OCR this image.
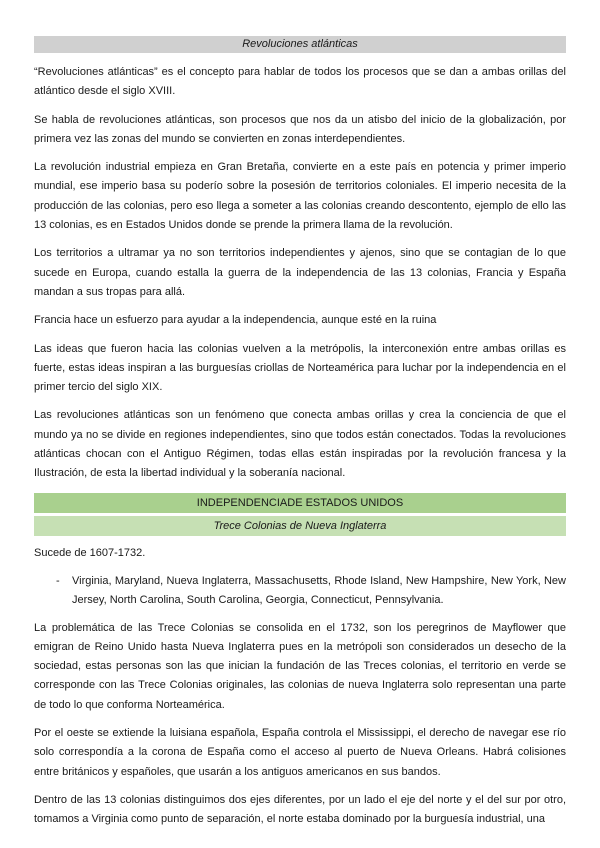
Revoluciones atlánticas

“Revoluciones atlánticas” es el concepto para hablar de todos los procesos que se dan a ambas orillas del atlántico desde el siglo XVIII.

Se habla de revoluciones atlánticas, son procesos que nos da un atisbo del inicio de la globalización, por primera vez las zonas del mundo se convierten en zonas interdependientes.

La revolución industrial empieza en Gran Bretaña, convierte en a este país en potencia y primer imperio mundial, ese imperio basa su poderío sobre la posesión de territorios coloniales. El imperio necesita de la producción de las colonias, pero eso llega a someter a las colonias creando descontento, ejemplo de ello las 13 colonias, es en Estados Unidos donde se prende la primera llama de la revolución.

Los territorios a ultramar ya no son territorios independientes y ajenos, sino que se contagian de lo que sucede en Europa, cuando estalla la guerra de la independencia de las 13 colonias, Francia y España mandan a sus tropas para allá.

Francia hace un esfuerzo para ayudar a la independencia, aunque esté en la ruina

Las ideas que fueron hacia las colonias vuelven a la metrópolis, la interconexión entre ambas orillas es fuerte, estas ideas inspiran a las burguesías criollas de Norteamérica para luchar por la independencia en el primer tercio del siglo XIX.

Las revoluciones atlánticas son un fenómeno que conecta ambas orillas y crea la conciencia de que el mundo ya no se divide en regiones independientes, sino que todos están conectados. Todas la revoluciones atlánticas chocan con el Antiguo Régimen, todas ellas están inspiradas por la revolución francesa y la Ilustración, de esta la libertad individual y la soberanía nacional.

INDEPENDENCIADE ESTADOS UNIDOS
Trece Colonias de Nueva Inglaterra

Sucede de 1607-1732.

- Virginia, Maryland, Nueva Inglaterra, Massachusetts, Rhode Island, New Hampshire, New York, New Jersey, North Carolina, South Carolina, Georgia, Connecticut, Pennsylvania.

La problemática de las Trece Colonias se consolida en el 1732, son los peregrinos de Mayflower que emigran de Reino Unido hasta Nueva Inglaterra pues en la metrópoli son considerados un desecho de la sociedad, estas personas son las que inician la fundación de las Treces colonias, el territorio en verde se corresponde con las Trece Colonias originales, las colonias de nueva Inglaterra solo representan una parte de todo lo que conforma Norteamérica.

Por el oeste se extiende la luisiana española, España controla el Mississippi, el derecho de navegar ese río solo correspondía a la corona de España como el acceso al puerto de Nueva Orleans. Habrá colisiones entre británicos y españoles, que usarán a los antiguos americanos en sus bandos.

Dentro de las 13 colonias distinguimos dos ejes diferentes, por un lado el eje del norte y el del sur por otro, tomamos a Virginia como punto de separación, el norte estaba dominado por la burguesía industrial, una
